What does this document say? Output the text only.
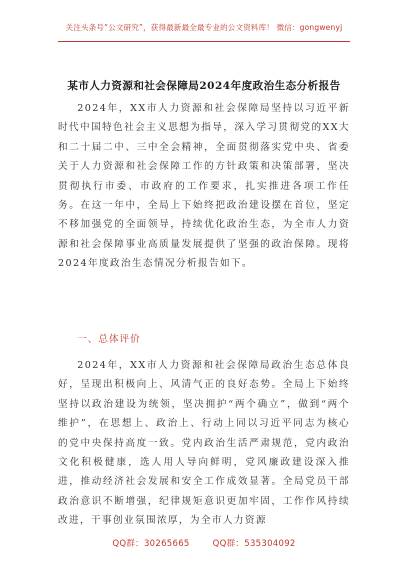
关注头条号“公文研究”，获得最新最全最专业的公文资料库！ 微信：gongwenyj
某市人力资源和社会保障局2024年度政治生态分析报告

2024年，XX市人力资源和社会保障局坚持以习近平新时代中国特色社会主义思想为指导，深入学习贯彻党的XX大和二十届二中、三中全会精神，全面贯彻落实党中央、省委关于人力资源和社会保障工作的方针政策和决策部署，坚决贯彻执行市委、市政府的工作要求，扎实推进各项工作任务。在这一年中，全局上下始终把政治建设摆在首位，坚定不移加强党的全面领导，持续优化政治生态，为全市人力资源和社会保障事业高质量发展提供了坚强的政治保障。现将2024年度政治生态情况分析报告如下。

一、总体评价

2024年，XX市人力资源和社会保障局政治生态总体良好，呈现出积极向上、风清气正的良好态势。全局上下始终坚持以政治建设为统领，坚决拥护“两个确立”，做到“两个维护”，在思想上、政治上、行动上同以习近平同志为核心的党中央保持高度一致。党内政治生活严肃规范，党内政治文化积极健康，选人用人导向鲜明，党风廉政建设深入推进，推动经济社会发展和安全工作成效显著。全局党员干部政治意识不断增强，纪律规矩意识更加牢固，工作作风持续改进，干事创业氛围浓厚，为全市人力资源

QQ群：30265665	QQ群：535304092
